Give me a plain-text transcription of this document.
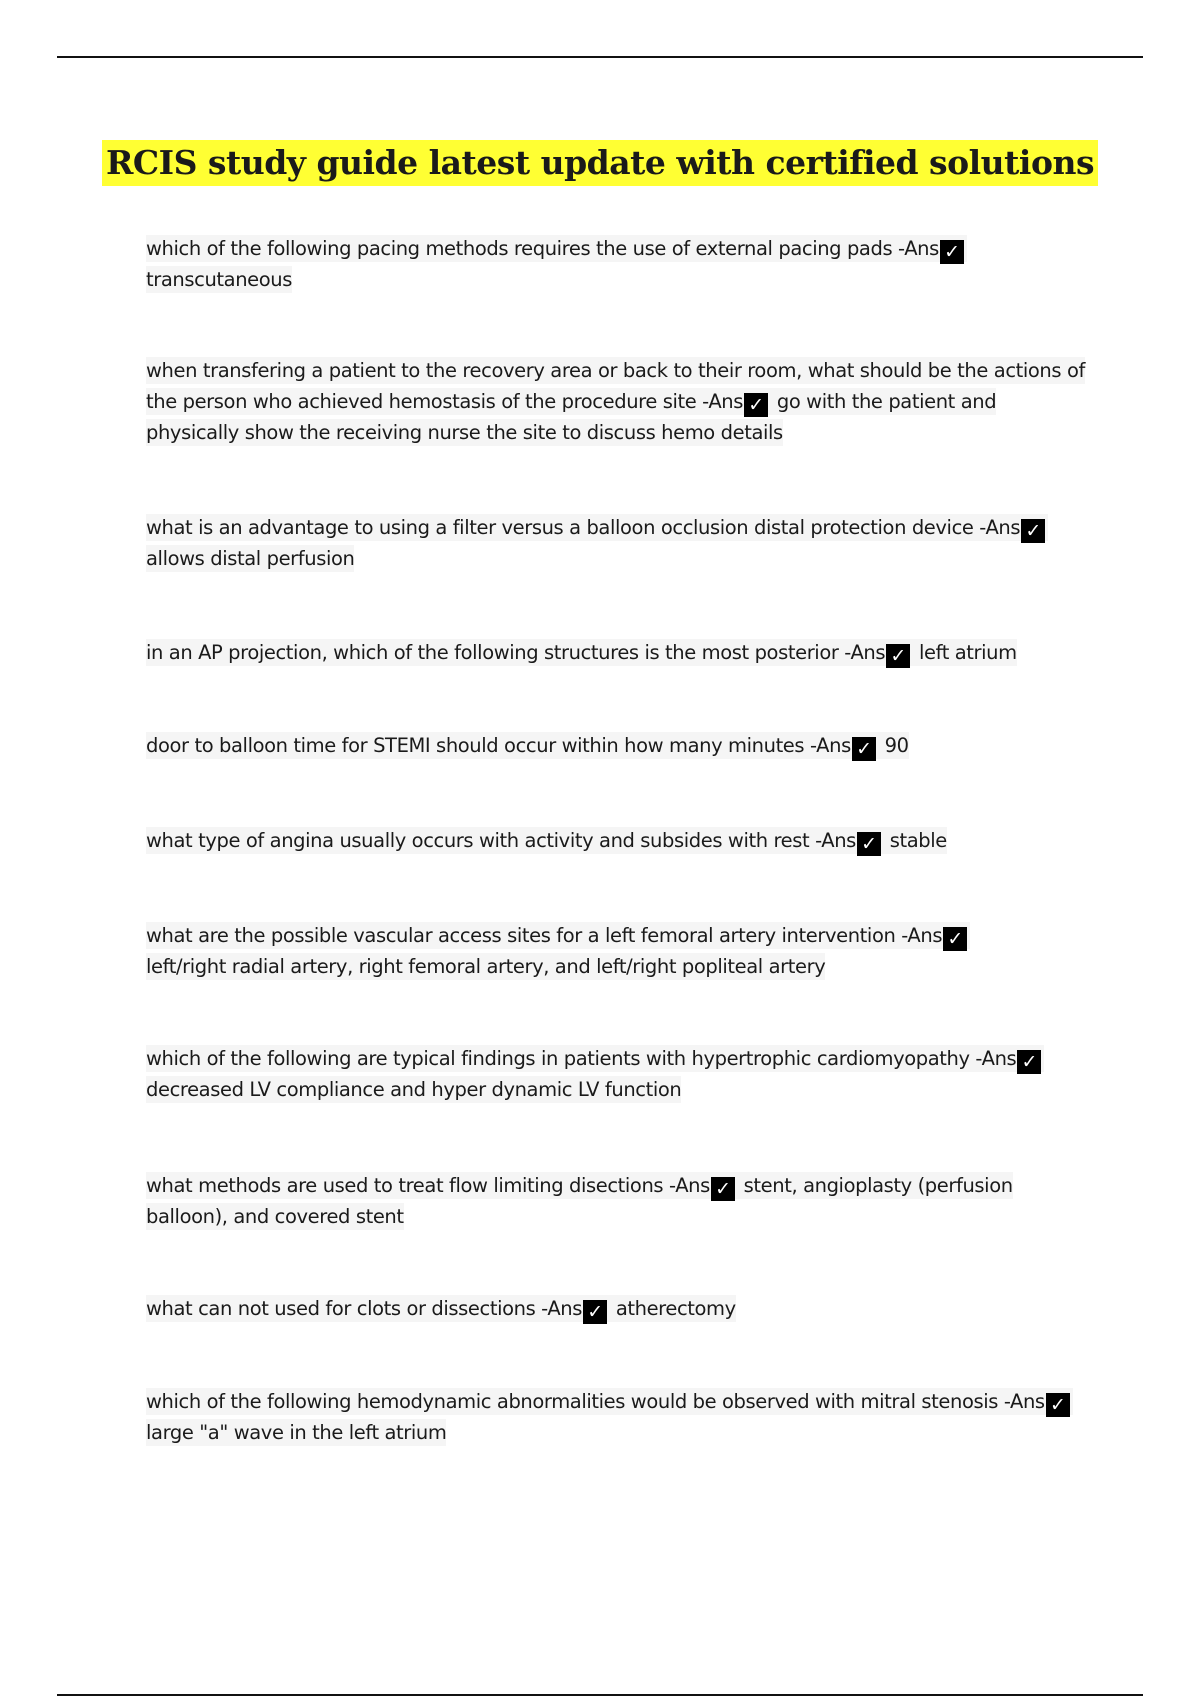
RCIS study guide latest update with certified solutions
which of the following pacing methods requires the use of external pacing pads -Ans ✓
transcutaneous
when transfering a patient to the recovery area or back to their room, what should be the actions of the person who achieved hemostasis of the procedure site -Ans ✓ go with the patient and physically show the receiving nurse the site to discuss hemo details
what is an advantage to using a filter versus a balloon occlusion distal protection device -Ans ✓
allows distal perfusion
in an AP projection, which of the following structures is the most posterior -Ans ✓ left atrium
door to balloon time for STEMI should occur within how many minutes -Ans ✓ 90
what type of angina usually occurs with activity and subsides with rest -Ans ✓ stable
what are the possible vascular access sites for a left femoral artery intervention -Ans ✓
left/right radial artery, right femoral artery, and left/right popliteal artery
which of the following are typical findings in patients with hypertrophic cardiomyopathy -Ans ✓ decreased LV compliance and hyper dynamic LV function
what methods are used to treat flow limiting disections -Ans ✓ stent, angioplasty (perfusion balloon), and covered stent
what can not used for clots or dissections -Ans ✓ atherectomy
which of the following hemodynamic abnormalities would be observed with mitral stenosis -Ans ✓ large "a" wave in the left atrium
